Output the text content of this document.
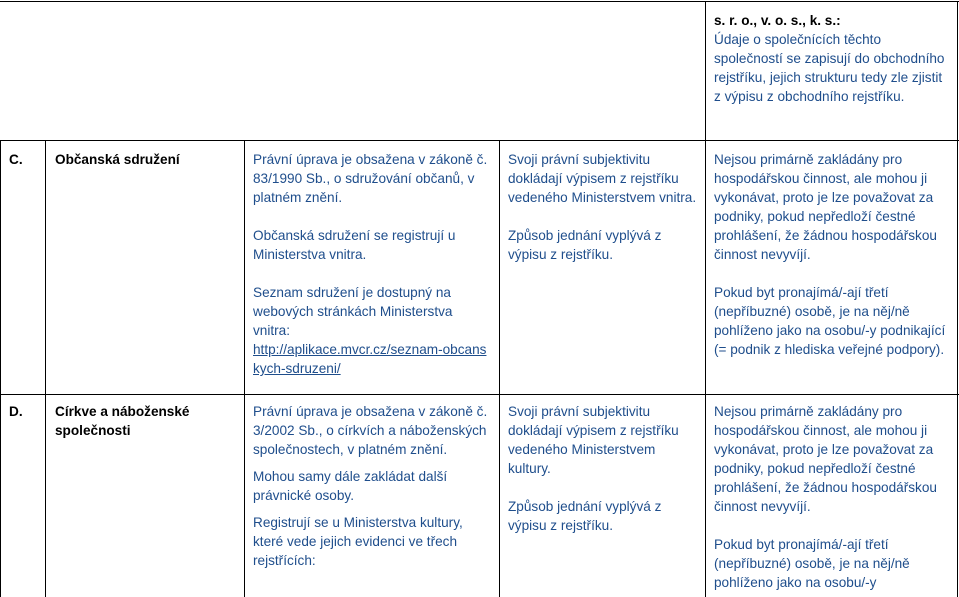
s. r. o., v. o. s., k. s.:

Údaje o společnících těchto společností se zapisují do obchodního rejstříku, jejich strukturu tedy zle zjistit z výpisu z obchodního rejstříku.

C. Občanská sdružení	Právní úprava je obsažena v zákoně č. 83/1990 Sb., o sdružování občanů, v platném znění.

Občanská sdružení se registrují u Ministerstva vnitra.

Seznam sdružení je dostupný na webových stránkách Ministerstva vnitra:

http://aplikace.mvcr.cz/seznam-obcanskych-sdruzeni/

Svoji právní subjektivitu dokládají výpisem z rejstříku vedeného Ministerstvem vnitra.

Způsob jednání vyplývá z výpisu z rejstříku.

Nejsou primárně zakládány pro hospodářskou činnost, ale mohou ji vykonávat, proto je lze považovat za podniky, pokud nepředloží čestné prohlášení, že žádnou hospodářskou činnost nevyvíjí.

Pokud byt pronajímá/-ají třetí (nepříbuzné) osobě, je na něj/ně pohlíženo jako na osobu/-y podnikající (= podnik z hlediska veřejné podpory).

D. Církve a náboženské společnosti

Právní úprava je obsažena v zákoně č. 3/2002 Sb., o církvích a náboženských společnostech, v platném znění.

Mohou samy dále zakládat další právnické osoby.

Registrují se u Ministerstva kultury, které vede jejich evidenci ve třech rejstřících:

Svoji právní subjektivitu dokládají výpisem z rejstříku vedeného Ministerstvem kultury.

Způsob jednání vyplývá z výpisu z rejstříku.

Nejsou primárně zakládány pro hospodářskou činnost, ale mohou ji vykonávat, proto je lze považovat za podniky, pokud nepředloží čestné prohlášení, že žádnou hospodářskou činnost nevyvíjí.

Pokud byt pronajímá/-ají třetí (nepříbuzné) osobě, je na něj/ně pohlíženo jako na osobu/-y
